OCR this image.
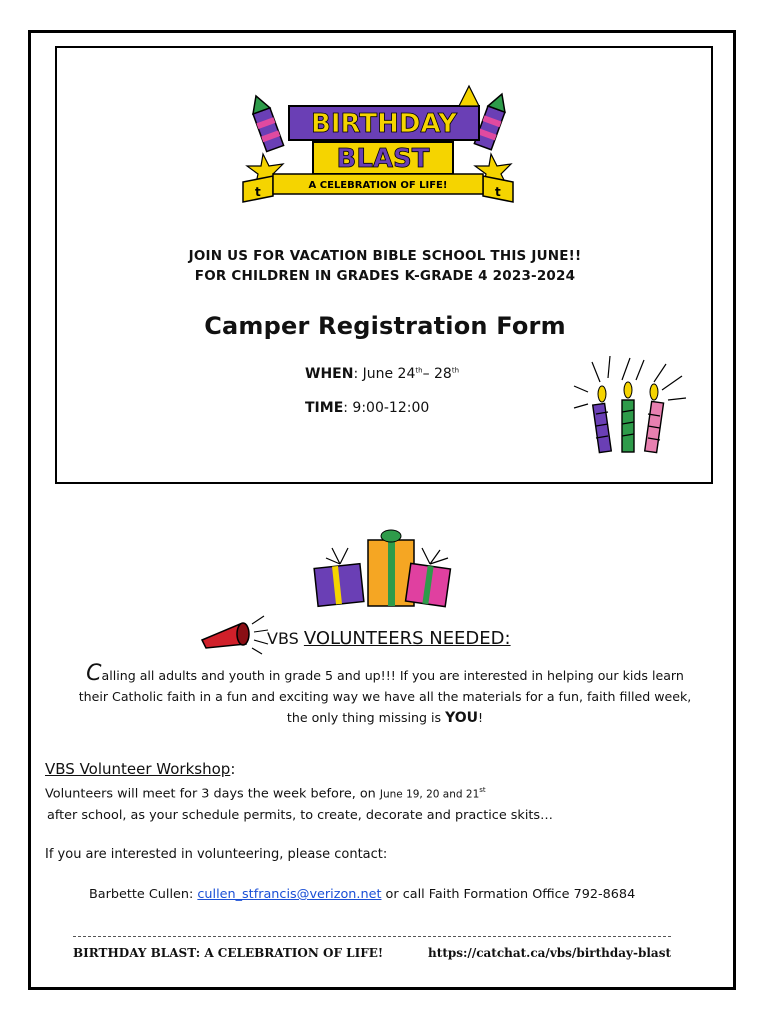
BIRTHDAY
BLAST
A CELEBRATION OF LIFE!
t	t
JOIN US FOR VACATION BIBLE SCHOOL THIS JUNE!!
FOR CHILDREN IN GRADES K-GRADE 4 2023-2024
Camper Registration Form
WHEN: June 24th– 28th
TIME: 9:00-12:00
VBS VOLUNTEERS NEEDED:
Calling all adults and youth in grade 5 and up!!! If you are interested in helping our kids learn
their Catholic faith in a fun and exciting way we have all the materials for a fun, faith filled week,
the only thing missing is YOU!
VBS Volunteer Workshop:
Volunteers will meet for 3 days the week before, on June 19, 20 and 21st
after school, as your schedule permits, to create, decorate and practice skits…
If you are interested in volunteering, please contact:
Barbette Cullen: cullen_stfrancis@verizon.net or call Faith Formation Office 792-8684
BIRTHDAY BLAST: A CELEBRATION OF LIFE!	https://catchat.ca/vbs/birthday-blast
